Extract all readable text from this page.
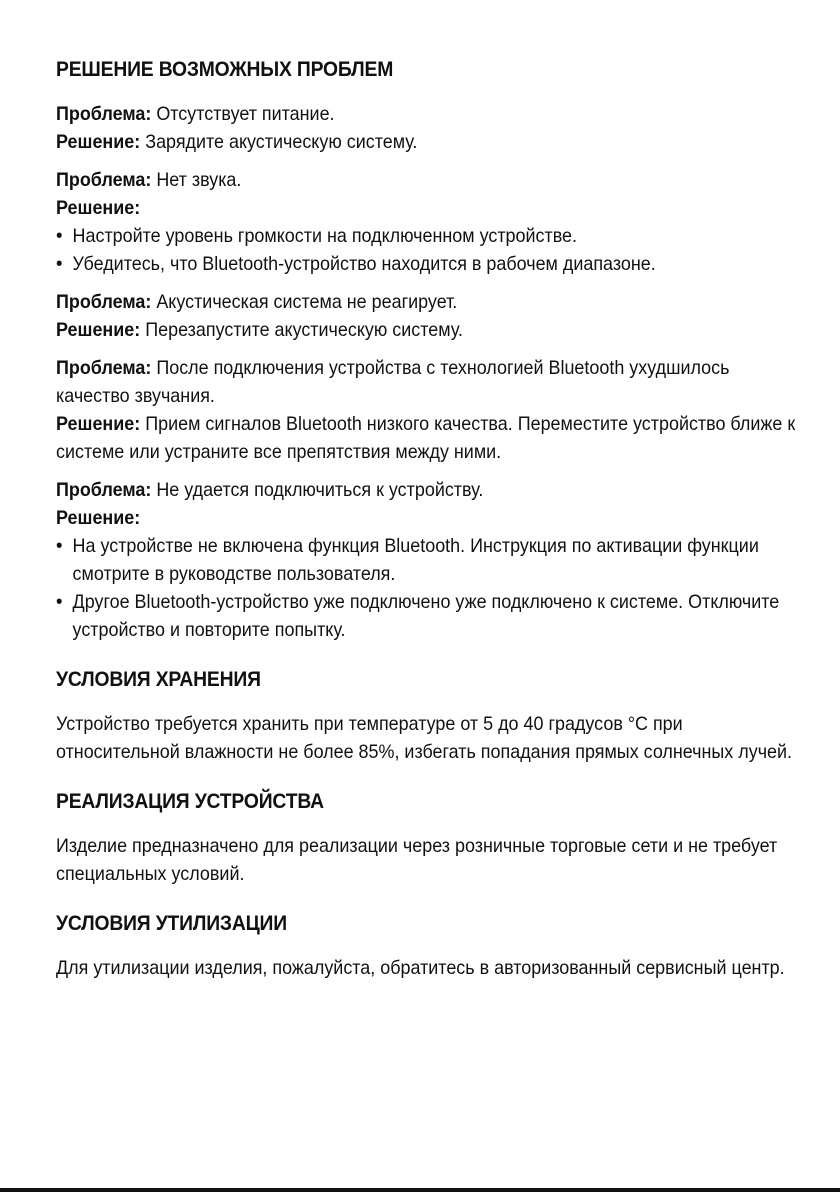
РЕШЕНИЕ ВОЗМОЖНЫХ ПРОБЛЕМ

Проблема: Отсутствует питание.

Решение: Зарядите акустическую систему.

Проблема: Нет звука.

Решение:

• Настройте уровень громкости на подключенном устройстве.
• Убедитесь, что Bluetooth-устройство находится в рабочем диапазоне.

Проблема: Акустическая система не реагирует.

Решение: Перезапустите акустическую систему.

Проблема: После подключения устройства с технологией Bluetooth ухудшилось качество звучания.

Решение: Прием сигналов Bluetooth низкого качества. Переместите устройство ближе к системе или устраните все препятствия между ними.

Проблема: Не удается подключиться к устройству.

Решение:

• На устройстве не включена функция Bluetooth. Инструкция по активации функции смотрите в руководстве пользователя.
• Другое Bluetooth-устройство уже подключено уже подключено к системе. Отключите устройство и повторите попытку.
УСЛОВИЯ ХРАНЕНИЯ

Устройство требуется хранить при температуре от 5 до 40 градусов °С при относительной влажности не более 85%, избегать попадания прямых солнечных лучей.

РЕАЛИЗАЦИЯ УСТРОЙСТВА

Изделие предназначено для реализации через розничные торговые сети и не требует специальных условий.

УСЛОВИЯ УТИЛИЗАЦИИ

Для утилизации изделия, пожалуйста, обратитесь в авторизованный сервисный центр.
